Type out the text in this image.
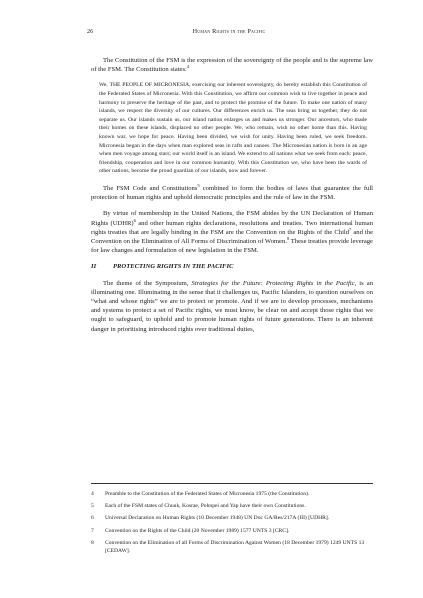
26	Human Rights in the Pacific

The Constitution of the FSM is the expression of the sovereignty of the people and is the supreme law of the FSM. The Constitution states:$^4$

We, THE PEOPLE OF MICRONESIA, exercising our inherent sovereignty, do hereby establish this Constitution of the Federated States of Micronesia. With this Constitution, we affirm our common wish to live together in peace and harmony to preserve the heritage of the past, and to protect the promise of the future. To make one nation of many islands, we respect the diversity of our cultures. Our differences enrich us. The seas bring us together, they do not separate us. Our islands sustain us, our island nation enlarges us and makes us stronger. Our ancestors, who made their homes on these islands, displaced no other people. We, who remain, wish no other home than this. Having known war, we hope for peace. Having been divided, we wish for unity. Having been ruled, we seek freedom. Micronesia began in the days when man explored seas in rafts and canoes. The Micronesian nation is born in an age when men voyage among stars; our world itself is an island. We extend to all nations what we seek from each: peace, friendship, cooperation and love in our common humanity. With this Constitution we, who have been the wards of other nations, become the proud guardian of our islands, now and forever.

The FSM Code and Constitutions$^5$ combined to form the bodies of laws that guarantee the full protection of human rights and uphold democratic principles and the rule of law in the FSM.

By virtue of membership in the United Nations, the FSM abides by the UN Declaration of Human Rights (UDHR)$^6$ and other human rights declarations, resolutions and treaties. Two international human rights treaties that are legally binding in the FSM are the Convention on the Rights of the Child$^7$ and the Convention on the Elimination of All Forms of Discrimination of Women.$^8$ These treaties provide leverage for law changes and formulation of new legislation in the FSM.

II	PROTECTING RIGHTS IN THE PACIFIC

The theme of the Symposium, Strategies for the Future: Protecting Rights in the Pacific, is an illuminating one. Illuminating in the sense that it challenges us, Pacific Islanders, to question ourselves on “what and whose rights” we are to protect or promote. And if we are to develop processes, mechanisms and systems to protect a set of Pacific rights, we must know, be clear on and accept those rights that we ought to safeguard, to uphold and to promote human rights of future generations. There is an inherent danger in prioritising introduced rights over traditional duties,

4	Preamble to the Constitution of the Federated States of Micronesia 1975 (the Constitution).
5	Each of the FSM states of Chuuk, Kosrae, Pohnpei and Yap have their own Constitutions.
6	Universal Declaration on Human Rights (10 December 1948) UN Doc GA/Res/217A (III) [UDHR].
7	Convention on the Rights of the Child (20 November 1989) 1577 UNTS 3 [CRC].
8	Convention on the Elimination of all Forms of Discrimination Against Women (18 December 1979) 1249 UNTS 13 [CEDAW].
